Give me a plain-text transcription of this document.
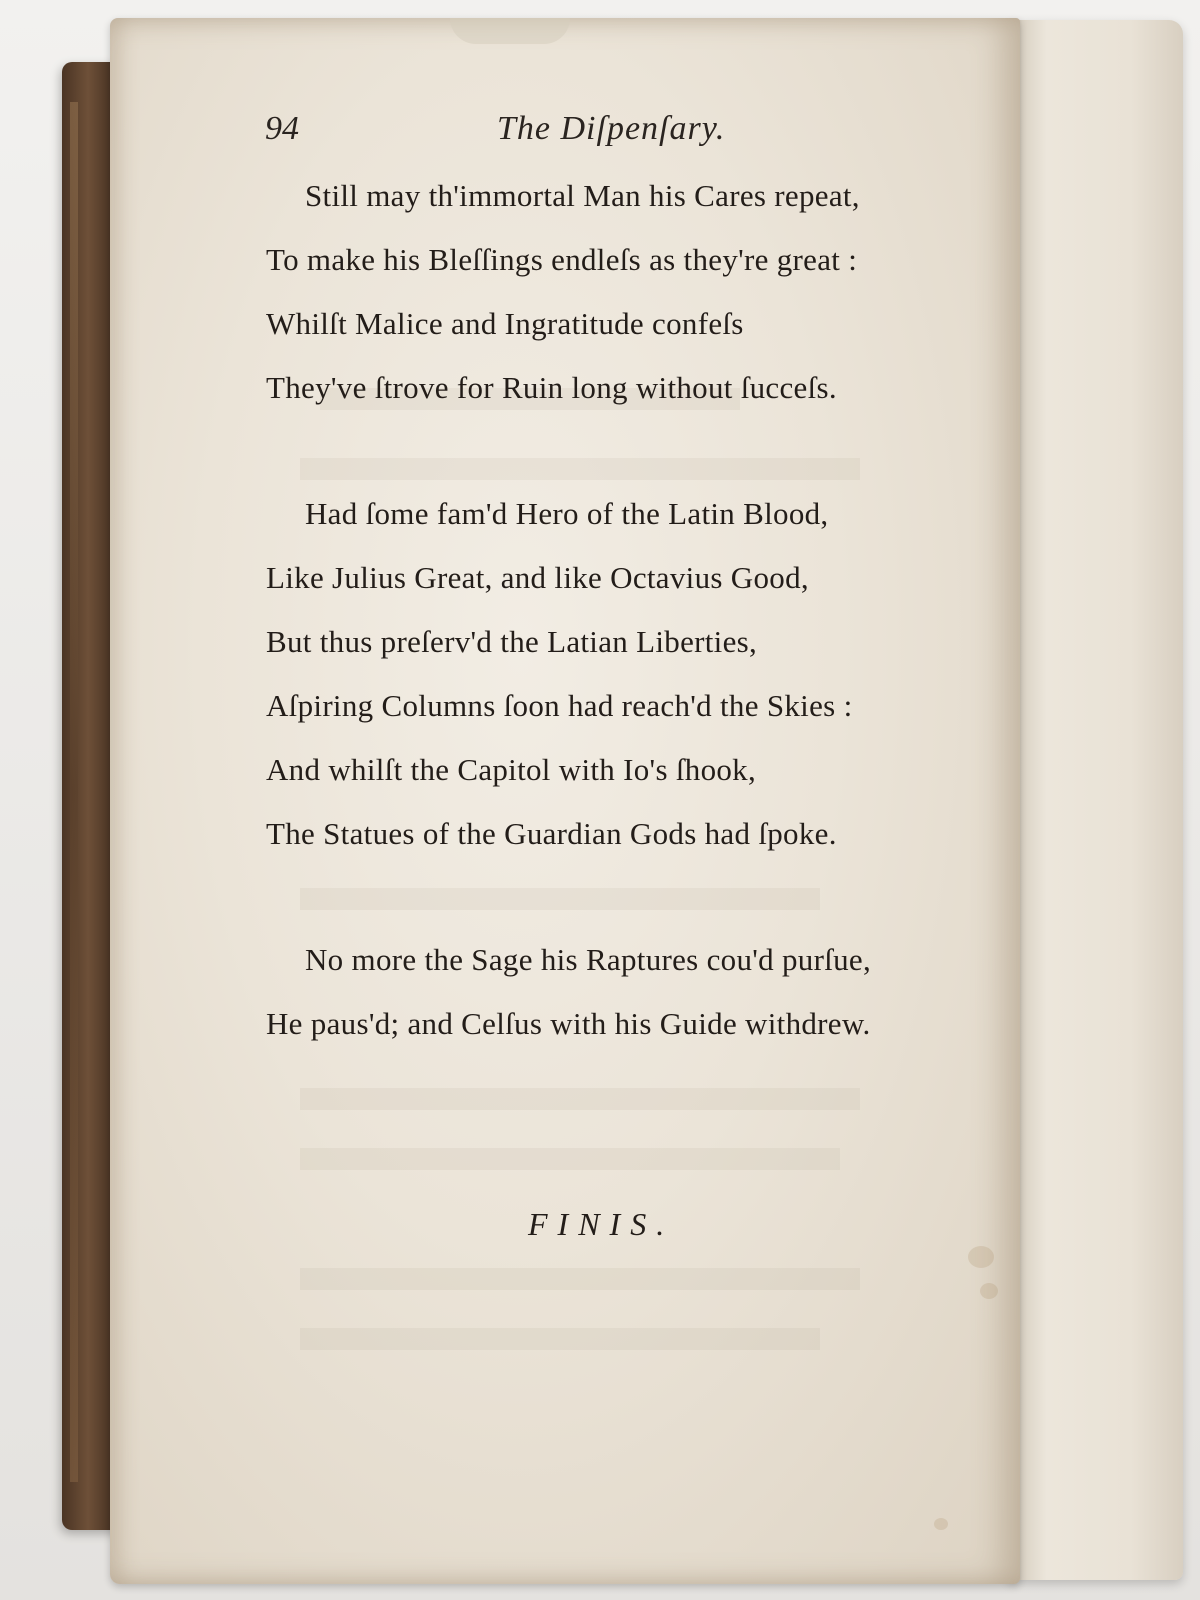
94	The Diſpenſary.
Still may th'immortal Man his Cares repeat,
To make his Bleſſings endleſs as they're great :
Whilſt Malice and Ingratitude confeſs
They've ſtrove for Ruin long without ſucceſs.
Had ſome fam'd Hero of the Latin Blood,
Like Julius Great, and like Octavius Good,
But thus preſerv'd the Latian Liberties,
Aſpiring Columns ſoon had reach'd the Skies :
And whilſt the Capitol with Io's ſhook,
The Statues of the Guardian Gods had ſpoke.
No more the Sage his Raptures cou'd purſue,
He paus'd; and Celſus with his Guide withdrew.
FINIS.
